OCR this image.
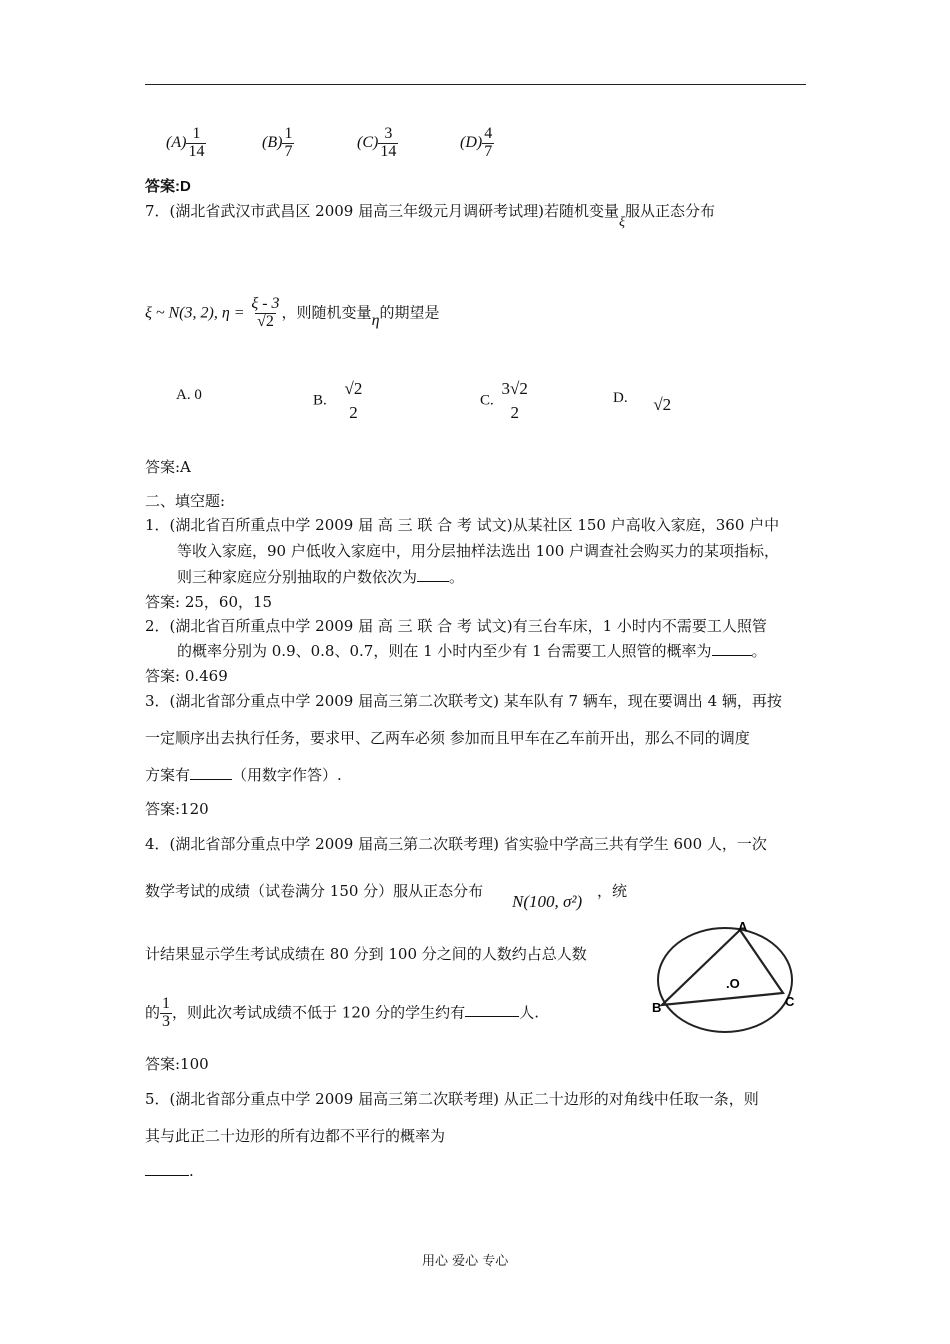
$(A) \frac{1}{14}$	$(B) \frac{1}{7}$	$(C) \frac{3}{14}$	$(D) \frac{4}{7}$
答案:D
7．(湖北省武汉市武昌区 2009 届高三年级元月调研考试理)若随机变量ξ服从正态分布
ξ ~ N(3, 2), $\eta = \frac{\xi - 3}{√2}$ ，则随机变量η的期望是
A. 0	B.
√2
2
C.
3√2
2
D. √2
答案:A
二、填空题:
1．(湖北省百所重点中学 2009 届 高 三 联 合 考 试文)从某社区 150 户高收入家庭，360 户中
等收入家庭，90 户低收入家庭中，用分层抽样法选出 100 户调查社会购买力的某项指标，
则三种家庭应分别抽取的户数依次为 。
答案: 25，60，15
2．(湖北省百所重点中学 2009 届 高 三 联 合 考 试文)有三台车床，1 小时内不需要工人照管
的概率分别为 0.9、0.8、0.7，则在 1 小时内至少有 1 台需要工人照管的概率为	。
答案: 0.469
3．(湖北省部分重点中学 2009 届高三第二次联考文) 某车队有 7 辆车，现在要调出 4 辆，再按
一定顺序出去执行任务，要求甲、乙两车必须 参加而且甲车在乙车前开出，那么不同的调度
方案有	（用数字作答）.
答案:120
4．(湖北省部分重点中学 2009 届高三第二次联考理) 省实验中学高三共有学生 600 人，一次
数学考试的成绩（试卷满分 150 分）服从正态分布
N(100, σ²)
，统
计结果显示学生考试成绩在 80 分到 100 分之间的人数约占总人数
的 $\frac{1}{3}$ ，则此次考试成绩不低于 120 分的学生约有	人.
答案:100
A
B	C
.O
5．(湖北省部分重点中学 2009 届高三第二次联考理) 从正二十边形的对角线中任取一条，则
其与此正二十边形的所有边都不平行的概率为
.
用心 爱心 专心
